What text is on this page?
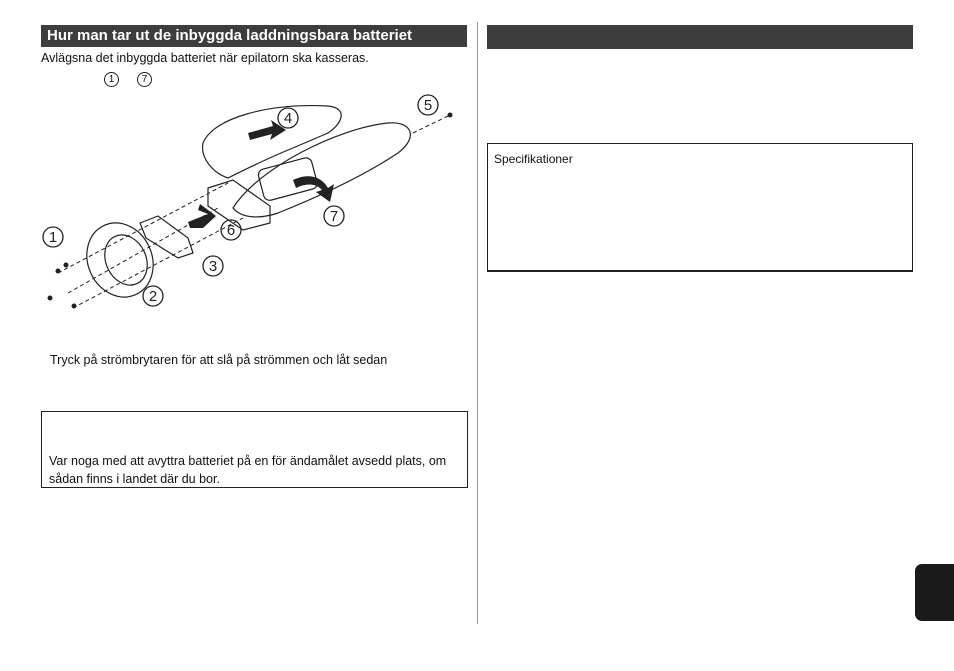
Hur man tar ut de inbyggda laddningsbara batteriet
Avlägsna det inbyggda batteriet när epilatorn ska kasseras.
1	7
1
2
3
4
5
6
7
Tryck på strömbrytaren för att slå på strömmen och låt sedan
Var noga med att avyttra batteriet på en för ändamålet avsedd plats, om sådan finns i landet där du bor.
Specifikationer
